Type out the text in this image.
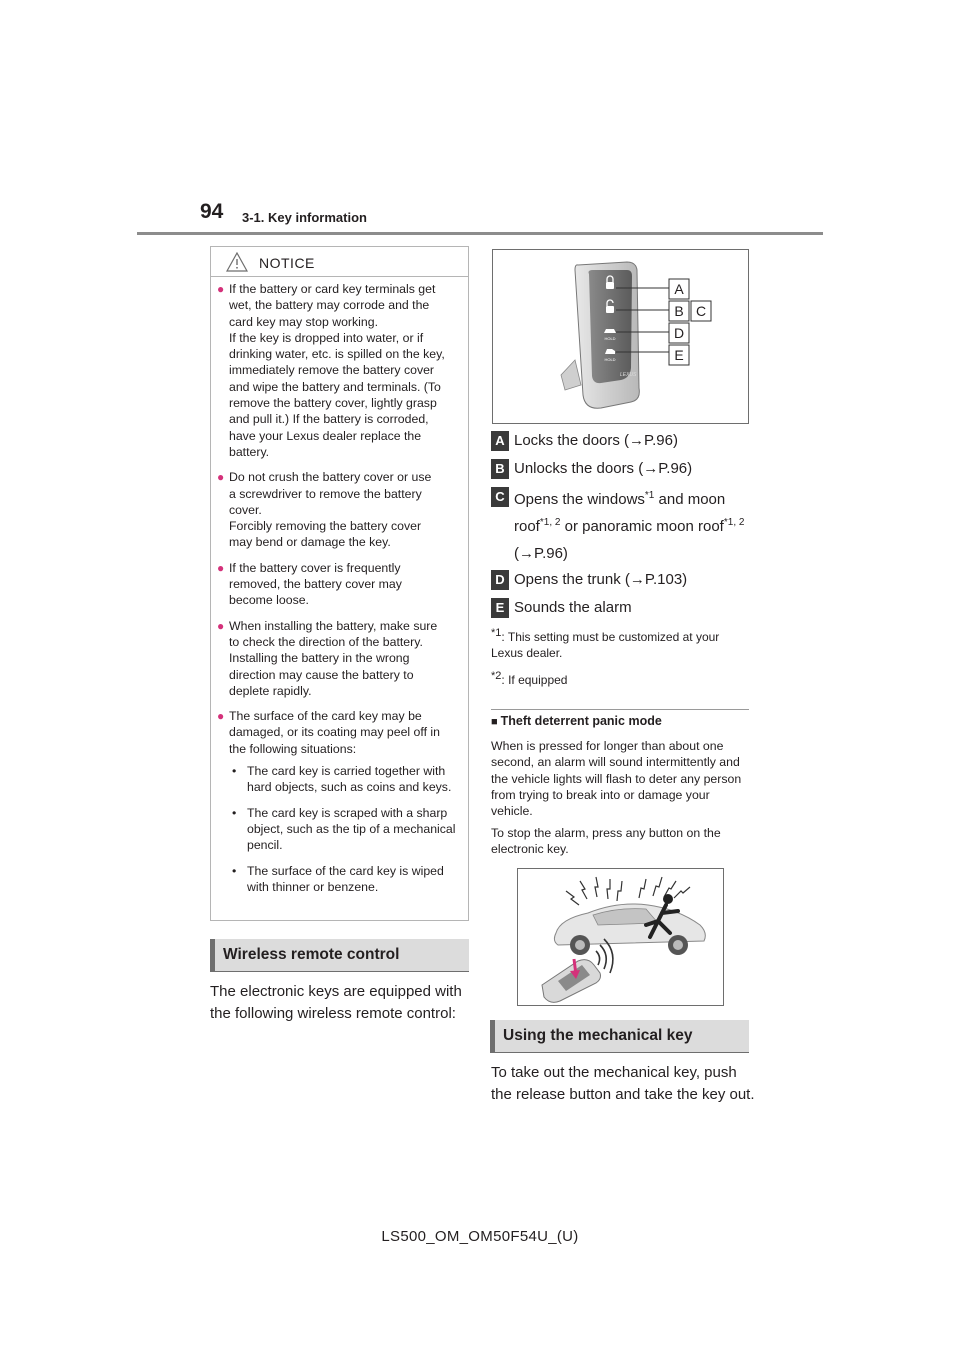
94 3-1. Key information
NOTICE
● If the battery or card key terminals get
wet, the battery may corrode and the
card key may stop working.
If the key is dropped into water, or if
drinking water, etc. is spilled on the key,
immediately remove the battery cover
and wipe the battery and terminals. (To
remove the battery cover, lightly grasp
and pull it.) If the battery is corroded,
have your Lexus dealer replace the
battery.
● Do not crush the battery cover or use
a screwdriver to remove the battery
cover.
Forcibly removing the battery cover
may bend or damage the key.
● If the battery cover is frequently
removed, the battery cover may
become loose.
● When installing the battery, make sure
to check the direction of the battery.
Installing the battery in the wrong
direction may cause the battery to
deplete rapidly.
● The surface of the card key may be
damaged, or its coating may peel off in
the following situations:
• The card key is carried together with
hard objects, such as coins and keys.
• The card key is scraped with a sharp
object, such as the tip of a mechanical
pencil.
• The surface of the card key is wiped
with thinner or benzene.
Wireless remote control

The electronic keys are equipped with the following wireless remote control:

HOLD
HOLD
LEXUS
A
B C
D
E
A Locks the doors (→P.96)
B Unlocks the doors (→P.96)
C Opens the windows$^{*1}$ and moon roof$^{*1, 2}$ or panoramic moon roof$^{*1, 2}$ (→P.96)
D Opens the trunk (→P.103)
E Sounds the alarm

*1: This setting must be customized at your Lexus dealer.

*2: If equipped

■ Theft deterrent panic mode

When is pressed for longer than about one second, an alarm will sound intermittently and the vehicle lights will flash to deter any person from trying to break into or damage your vehicle.

To stop the alarm, press any button on the electronic key.

Using the mechanical key

To take out the mechanical key, push the release button and take the key out.

LS500_OM_OM50F54U_(U)
